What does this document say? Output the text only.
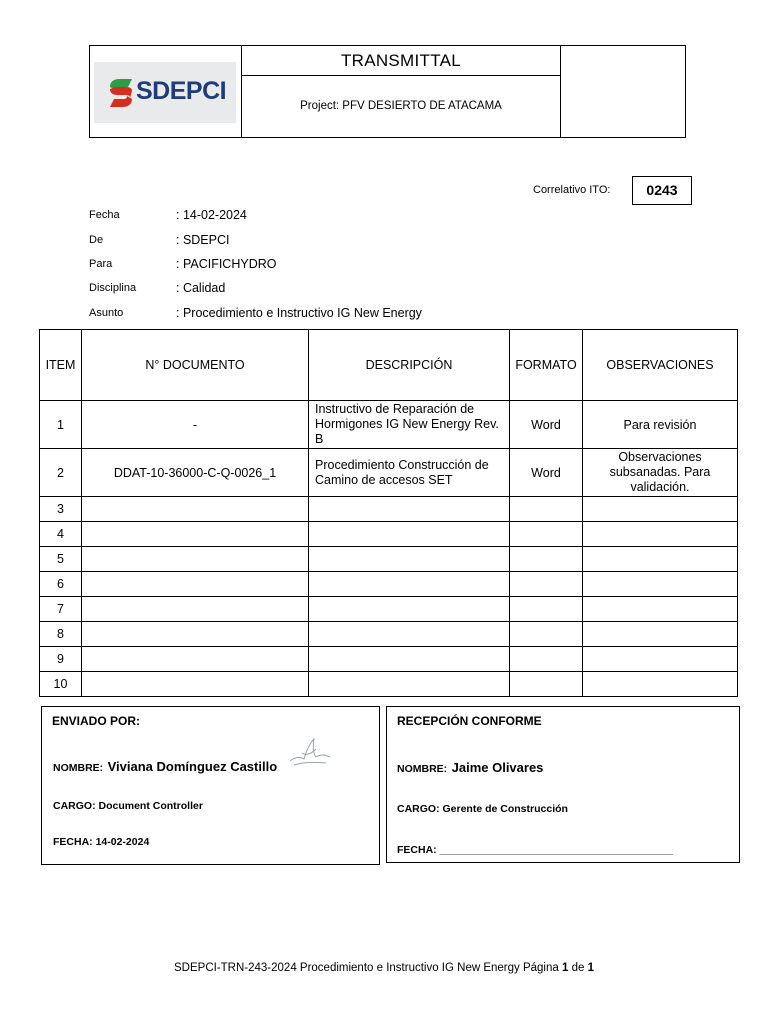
SDEPCI
TRANSMITTAL
Project: PFV DESIERTO DE ATACAMA
Correlativo ITO:	0243
Fecha	: 14-02-2024
De	: SDEPCI
Para	: PACIFICHYDRO
Disciplina	: Calidad
Asunto	: Procedimiento e Instructivo IG New Energy
ITEM	N° DOCUMENTO	DESCRIPCIÓN	FORMATO	OBSERVACIONES
1	-	Instructivo de Reparación de Hormigones IG New Energy Rev. B	Word	Para revisión
2	DDAT-10-36000-C-Q-0026_1	Procedimiento Construcción de Camino de accesos SET	Word	Observaciones subsanadas. Para validación.
3				
4				
5				
6				
7				
8				
9				
10				
ENVIADO POR:
NOMBRE: Viviana Domínguez Castillo
CARGO: Document Controller
FECHA: 14-02-2024
RECEPCIÓN CONFORME
NOMBRE: Jaime Olivares
CARGO: Gerente de Construcción
FECHA: ________________________________________
SDEPCI-TRN-243-2024 Procedimiento e Instructivo IG New Energy Página 1 de 1
